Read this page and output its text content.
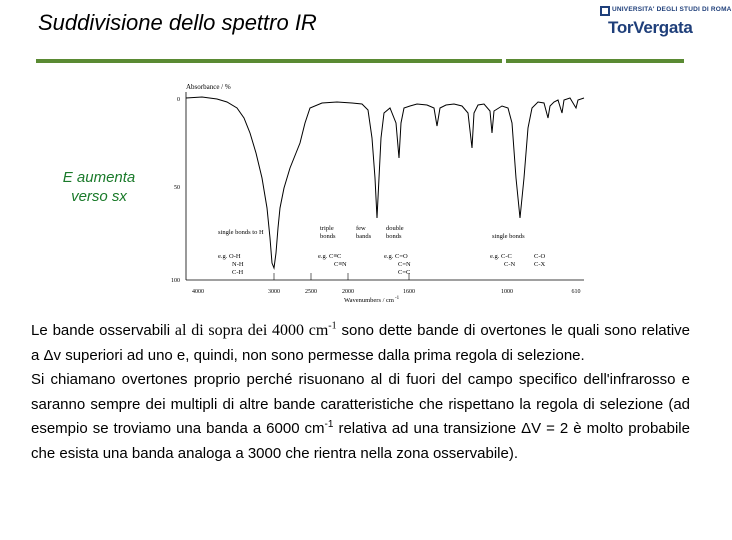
Suddivisione dello spettro IR
UNIVERSITA' DEGLI STUDI DI ROMA
TorVergata
E aumenta
verso sx
Absorbance / %
0
50
100
4000	3000	2500	2000	1600	1000	610
Wavenumbers / cm -1
single bonds to H
e.g. O-H
N-H
C-H
triple
bonds
e.g. C≡C
C≡N
few
bands
double
bonds
e.g. C=O
C=N
C=C
single bonds
e.g. C-C
C-N
C-O
C-X

Le bande osservabili al di sopra dei 4000 $cm^{-1}$ sono dette bande di overtones le quali sono relative a Δv superiori ad uno e, quindi, non sono permesse dalla prima regola di selezione.

Si chiamano overtones proprio perché risuonano al di fuori del campo specifico dell'infrarosso e saranno sempre dei multipli di altre bande caratteristiche che rispettano la regola di selezione (ad esempio se troviamo una banda a 6000 $cm^{-1}$ relativa ad una transizione ΔV = 2 è molto probabile che esista una banda analoga a 3000 che rientra nella zona osservabile).
